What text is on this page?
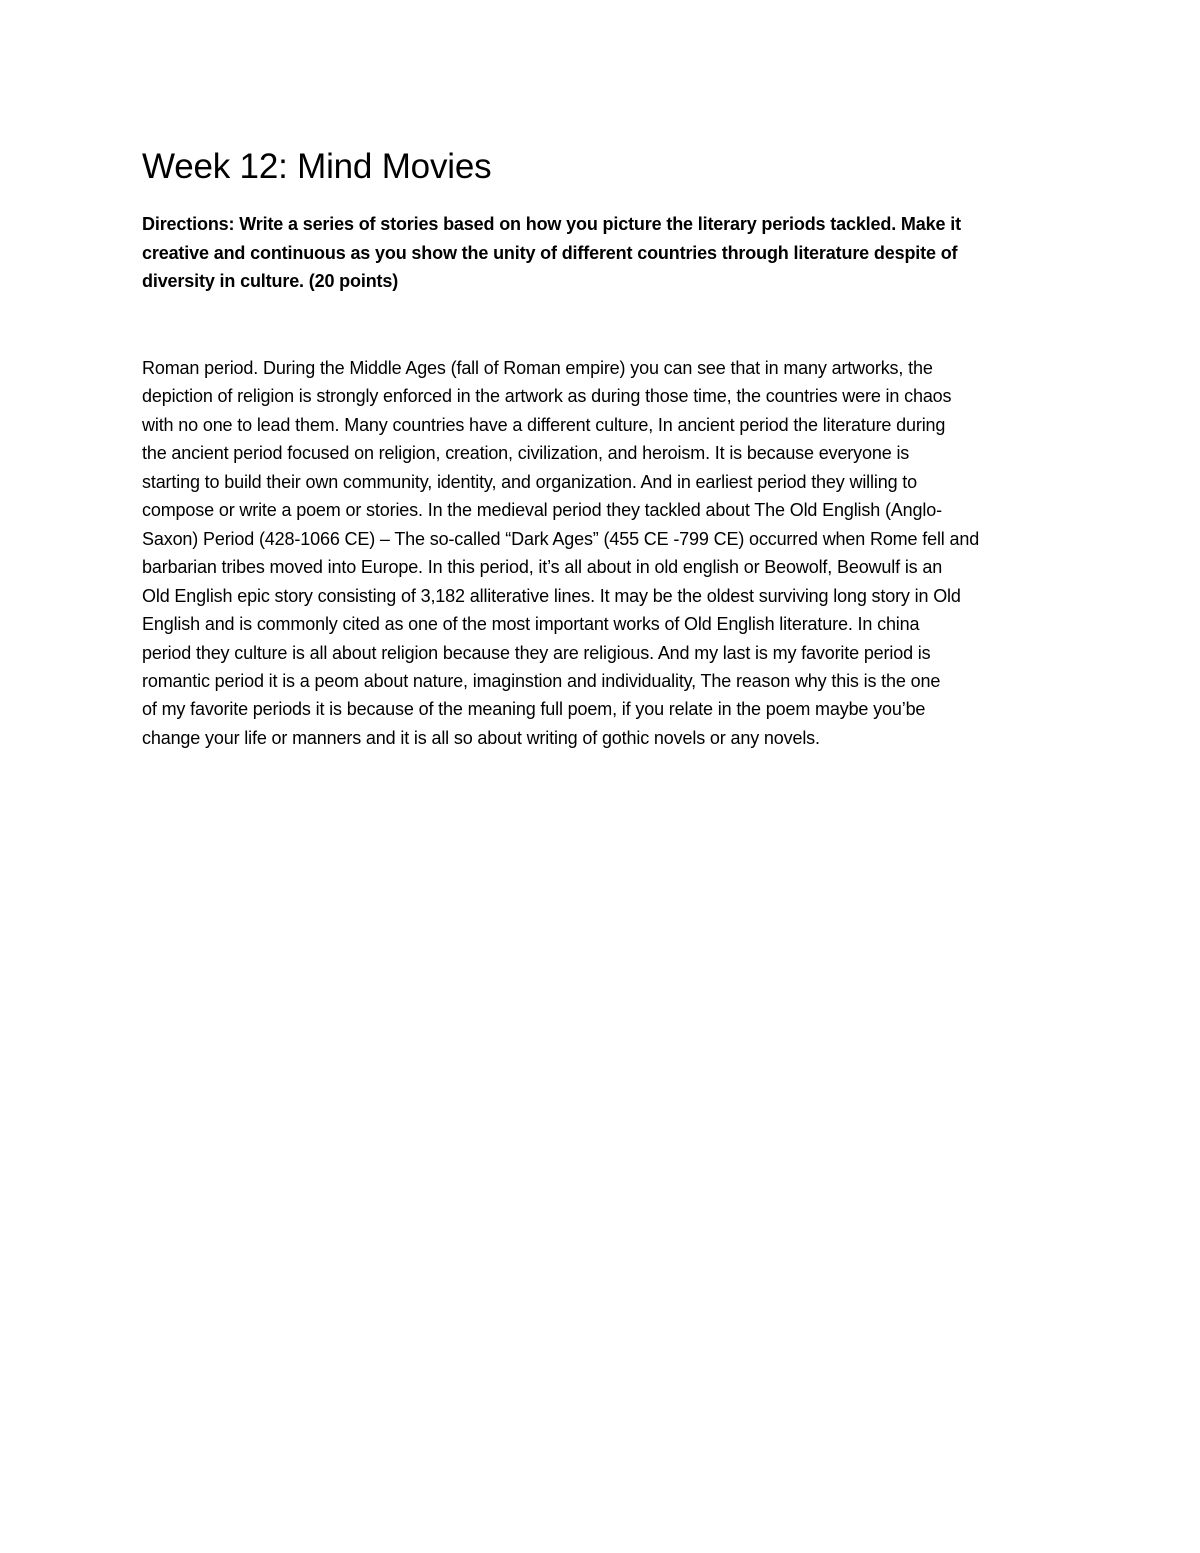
Week 12: Mind Movies

Directions: Write a series of stories based on how you picture the literary periods tackled. Make it
creative and continuous as you show the unity of different countries through literature despite of
diversity in culture. (20 points)

Roman period. During the Middle Ages (fall of Roman empire) you can see that in many artworks, the
depiction of religion is strongly enforced in the artwork as during those time, the countries were in chaos
with no one to lead them. Many countries have a different culture, In ancient period the literature during
the ancient period focused on religion, creation, civilization, and heroism. It is because everyone is
starting to build their own community, identity, and organization. And in earliest period they willing to
compose or write a poem or stories. In the medieval period they tackled about The Old English (Anglo-
Saxon) Period (428-1066 CE) – The so-called “Dark Ages” (455 CE -799 CE) occurred when Rome fell and
barbarian tribes moved into Europe. In this period, it’s all about in old english or Beowolf, Beowulf is an
Old English epic story consisting of 3,182 alliterative lines. It may be the oldest surviving long story in Old
English and is commonly cited as one of the most important works of Old English literature. In china
period they culture is all about religion because they are religious. And my last is my favorite period is
romantic period it is a peom about nature, imaginstion and individuality, The reason why this is the one
of my favorite periods it is because of the meaning full poem, if you relate in the poem maybe you’be
change your life or manners and it is all so about writing of gothic novels or any novels.
